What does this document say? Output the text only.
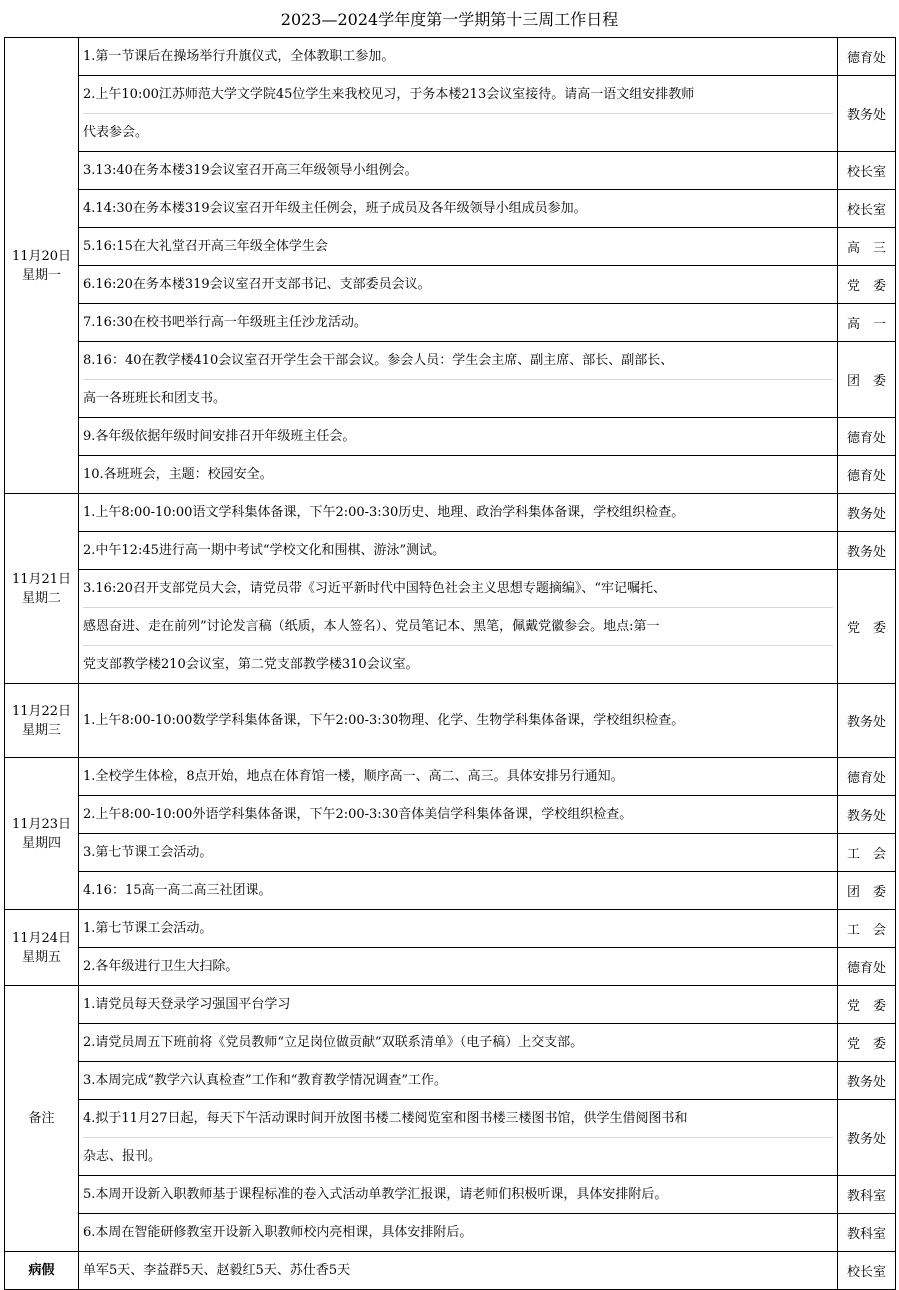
2023—2024学年度第一学期第十三周工作日程
11月20日
星期一	1.第一节课后在操场举行升旗仪式，全体教职工参加。	德育处

	2.上午10:00江苏师范大学文学院45位学生来我校见习，于务本楼213会议室接待。请高一语文组安排教师
代表参会。	教务处

	3.13:40在务本楼319会议室召开高三年级领导小组例会。	校长室

	4.14:30在务本楼319会议室召开年级主任例会，班子成员及各年级领导小组成员参加。	校长室

	5.16:15在大礼堂召开高三年级全体学生会	高　三

	6.16:20在务本楼319会议室召开支部书记、支部委员会议。	党　委

	7.16:30在校书吧举行高一年级班主任沙龙活动。	高　一

	8.16：40在教学楼410会议室召开学生会干部会议。参会人员：学生会主席、副主席、部长、副部长、
高一各班班长和团支书。	团　委

	9.各年级依据年级时间安排召开年级班主任会。	德育处

	10.各班班会，主题：校园安全。	德育处

11月21日
星期二	1.上午8:00-10:00语文学科集体备课，下午2:00-3:30历史、地理、政治学科集体备课，学校组织检查。	教务处

	2.中午12:45进行高一期中考试“学校文化和围棋、游泳”测试。	教务处

	3.16:20召开支部党员大会，请党员带《习近平新时代中国特色社会主义思想专题摘编》、“牢记嘱托、
感恩奋进、走在前列”讨论发言稿（纸质，本人签名）、党员笔记本、黑笔，佩戴党徽参会。地点:第一
党支部教学楼210会议室，第二党支部教学楼310会议室。	党　委

11月22日
星期三	1.上午8:00-10:00数学学科集体备课，下午2:00-3:30物理、化学、生物学科集体备课，学校组织检查。	教务处

11月23日
星期四	1.全校学生体检，8点开始，地点在体育馆一楼，顺序高一、高二、高三。具体安排另行通知。	德育处

	2.上午8:00-10:00外语学科集体备课，下午2:00-3:30音体美信学科集体备课，学校组织检查。	教务处

	3.第七节课工会活动。	工　会

	4.16：15高一高二高三社团课。	团　委

11月24日
星期五	1.第七节课工会活动。	工　会

	2.各年级进行卫生大扫除。	德育处

备注	1.请党员每天登录学习强国平台学习	党　委

	2.请党员周五下班前将《党员教师“立足岗位做贡献”双联系清单》（电子稿）上交支部。	党　委

	3.本周完成“教学六认真检查”工作和“教育教学情况调查”工作。	教务处

	4.拟于11月27日起，每天下午活动课时间开放图书楼二楼阅览室和图书楼三楼图书馆，供学生借阅图书和
杂志、报刊。	教务处

	5.本周开设新入职教师基于课程标准的卷入式活动单教学汇报课，请老师们积极听课，具体安排附后。	教科室

	6.本周在智能研修教室开设新入职教师校内亮相课，具体安排附后。	教科室

病假	单军5天、李益群5天、赵毅红5天、苏仕香5天	校长室
